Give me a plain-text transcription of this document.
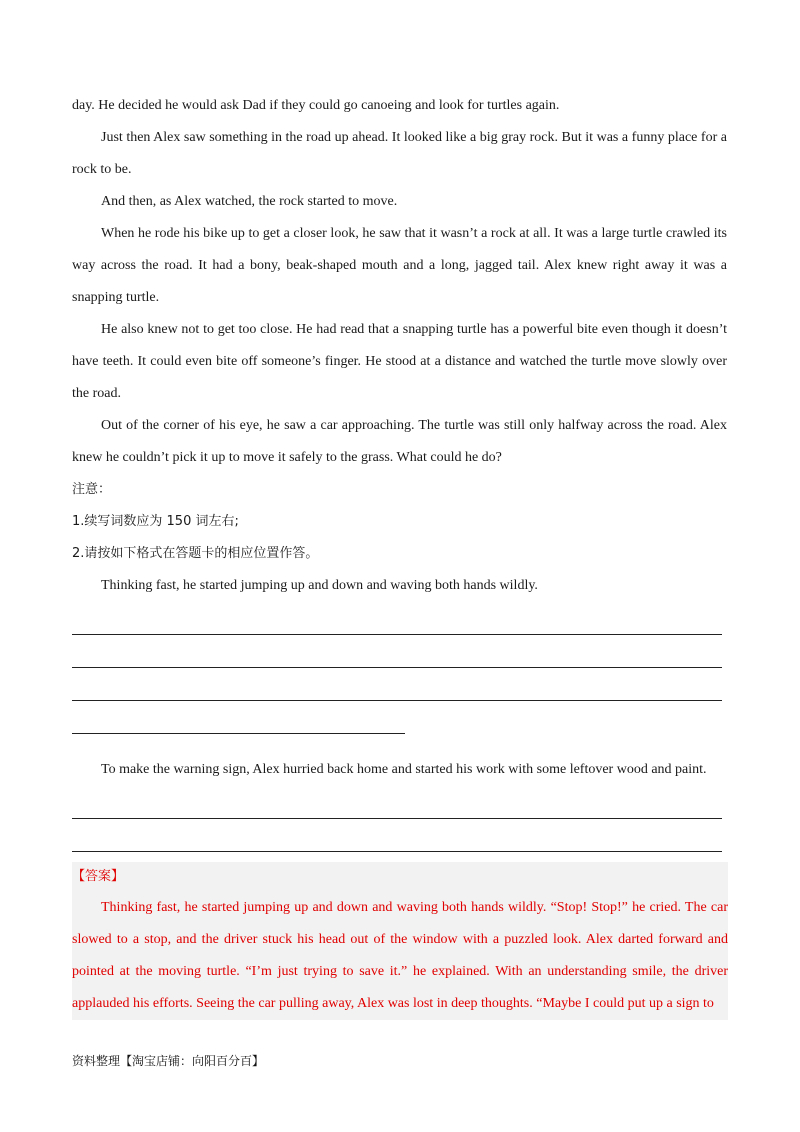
day. He decided he would ask Dad if they could go canoeing and look for turtles again.

Just then Alex saw something in the road up ahead. It looked like a big gray rock. But it was a funny place for a rock to be.

And then, as Alex watched, the rock started to move.

When he rode his bike up to get a closer look, he saw that it wasn’t a rock at all. It was a large turtle crawled its way across the road. It had a bony, beak-shaped mouth and a long, jagged tail. Alex knew right away it was a snapping turtle.

He also knew not to get too close. He had read that a snapping turtle has a powerful bite even though it doesn’t have teeth. It could even bite off someone’s finger. He stood at a distance and watched the turtle move slowly over the road.

Out of the corner of his eye, he saw a car approaching. The turtle was still only halfway across the road. Alex knew he couldn’t pick it up to move it safely to the grass. What could he do?

注意：

1.续写词数应为 150 词左右;

2.请按如下格式在答题卡的相应位置作答。

Thinking fast, he started jumping up and down and waving both hands wildly.

To make the warning sign, Alex hurried back home and started his work with some leftover wood and paint.

【答案】

Thinking fast, he started jumping up and down and waving both hands wildly. “Stop! Stop!” he cried. The car slowed to a stop, and the driver stuck his head out of the window with a puzzled look. Alex darted forward and pointed at the moving turtle. “I’m just trying to save it.” he explained. With an understanding smile, the driver applauded his efforts. Seeing the car pulling away, Alex was lost in deep thoughts. “Maybe I could put up a sign to

资料整理【淘宝店铺：向阳百分百】
